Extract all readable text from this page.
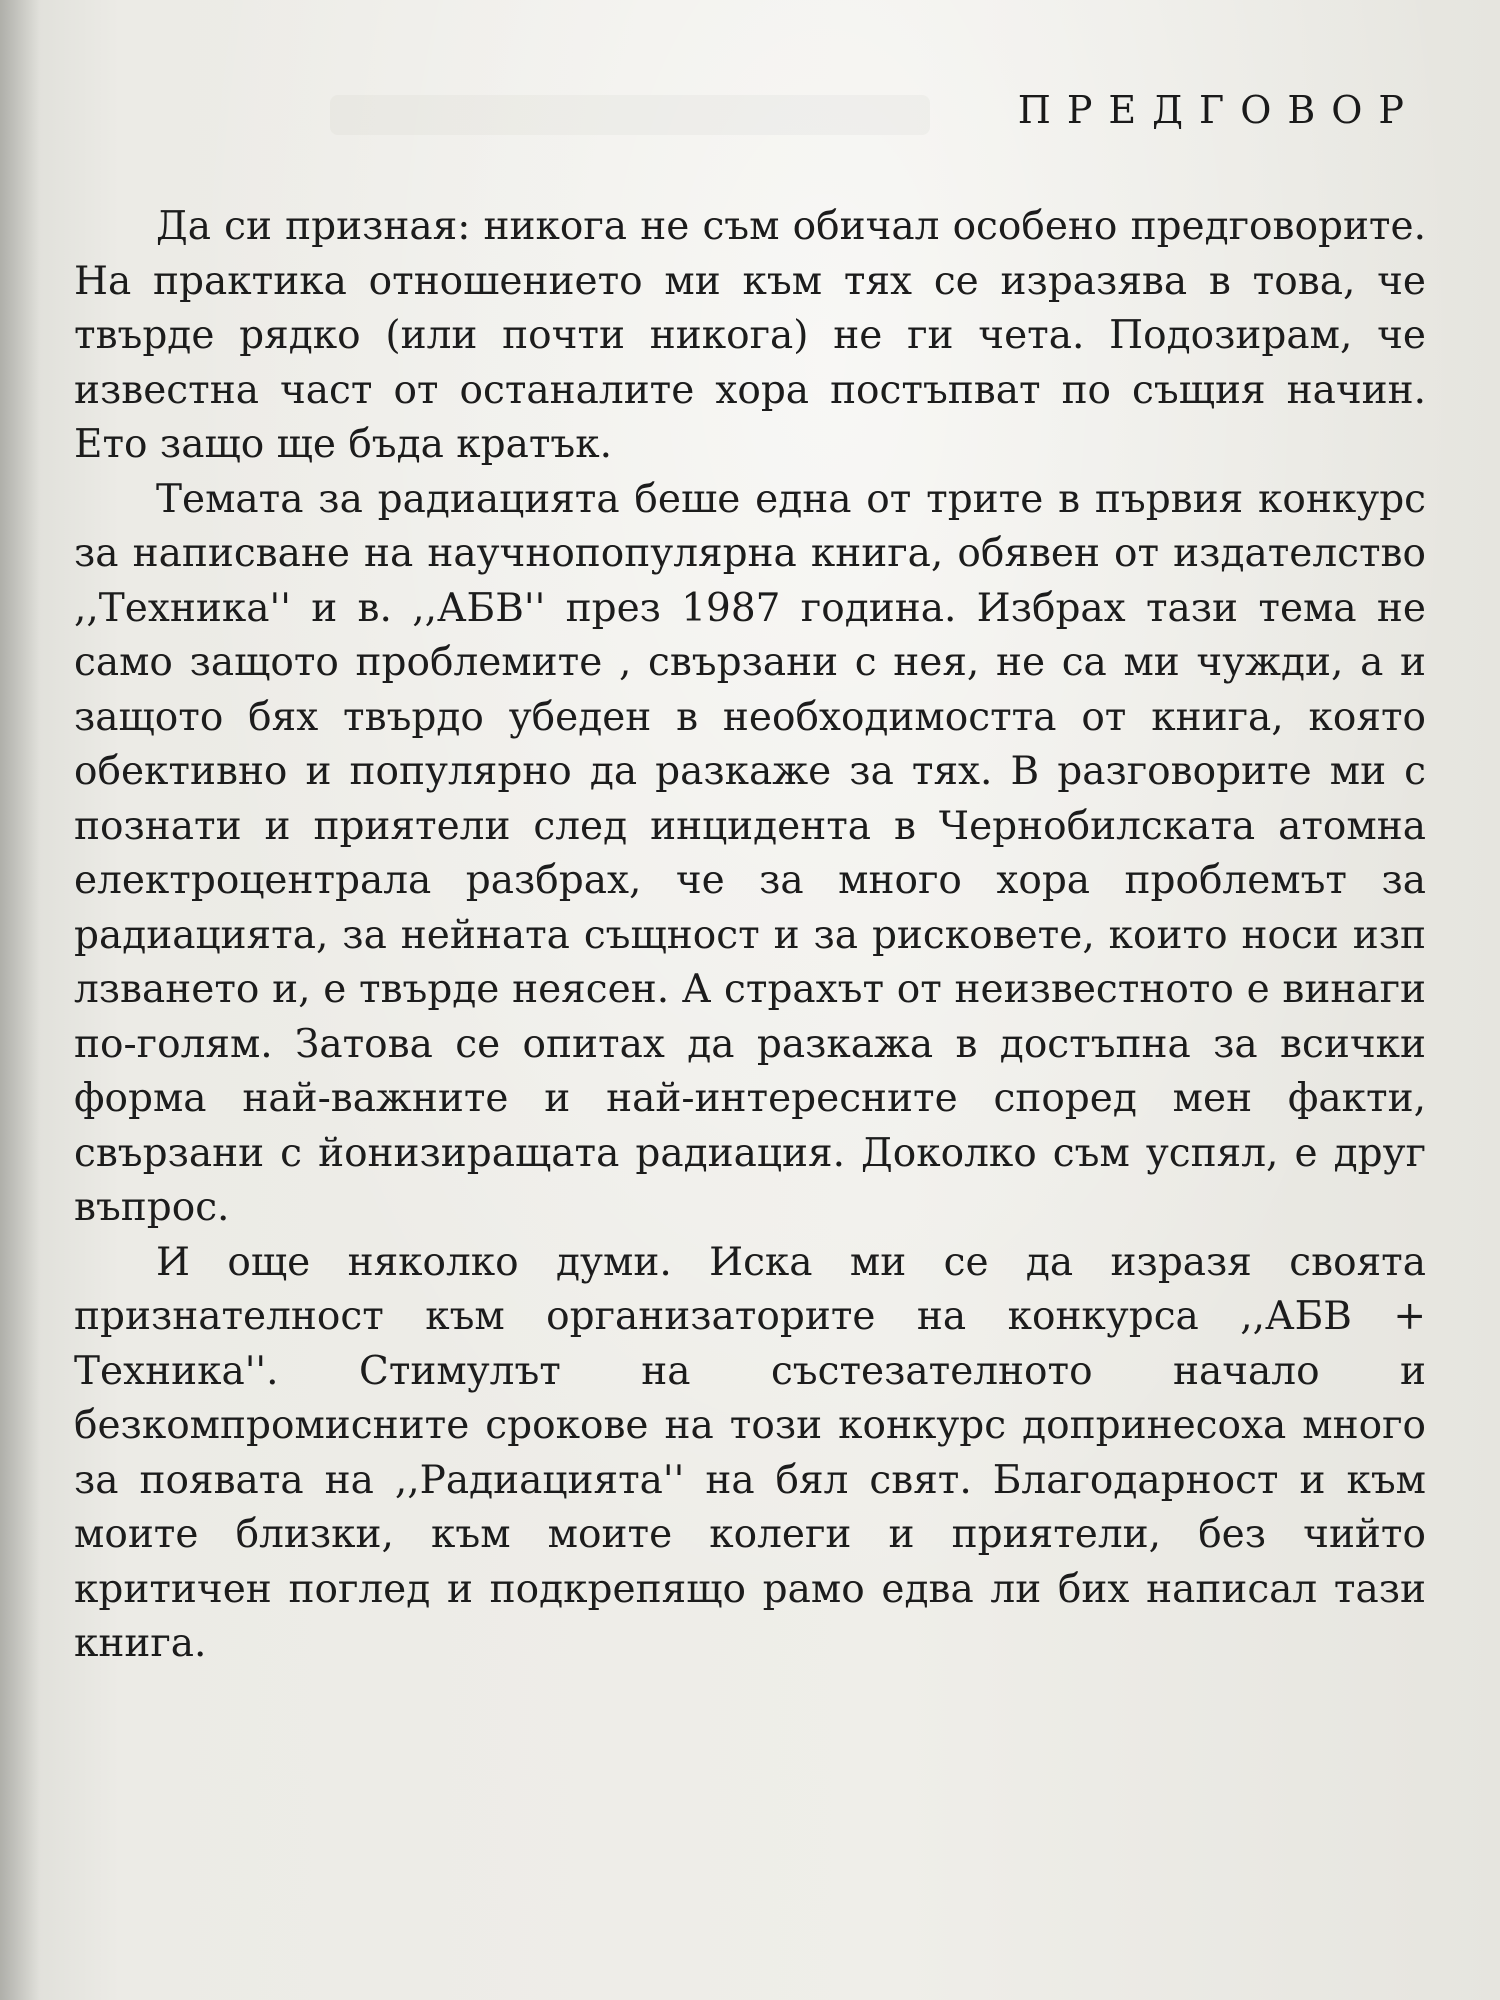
ПРЕДГОВОР

Да си призная: никога не съм обичал особено предговорите. На практика отношението ми към тях се изразява в това, че твърде рядко (или почти никога) не ги чета. Подозирам, че известна част от останалите хора постъпват по същия начин. Ето защо ще бъда кратък.

Темата за радиацията беше една от трите в първия конкурс за написване на научнопопулярна книга, обявен от издателство ,,Техника'' и в. ,,АБВ'' през 1987 година. Избрах тази тема не само защото проблемите , свързани с нея, не са ми чужди, а и защото бях твърдо убеден в необходимостта от книга, която обективно и популярно да разкаже за тях. В разговорите ми с познати и приятели след инцидента в Чернобилската атомна електроцентрала разбрах, че за много хора проблемът за радиацията, за нейната същност и за рисковете, които носи изп лзването и, е твърде неясен. А страхът от неизвестното е винаги по-голям. Затова се опитах да разкажа в достъпна за всички форма най-важните и най-интересните според мен факти, свързани с йонизиращата радиация. Доколко съм успял, е друг въпрос.

И още няколко думи. Иска ми се да изразя своята признателност към организаторите на конкурса ,,АБВ + Техника''. Стимулът на състезателното начало и безкомпромисните срокове на този конкурс допринесоха много за появата на ,,Радиацията'' на бял свят. Благодарност и към моите близки, към моите колеги и приятели, без чийто критичен поглед и подкрепящо рамо едва ли бих написал тази книга.
